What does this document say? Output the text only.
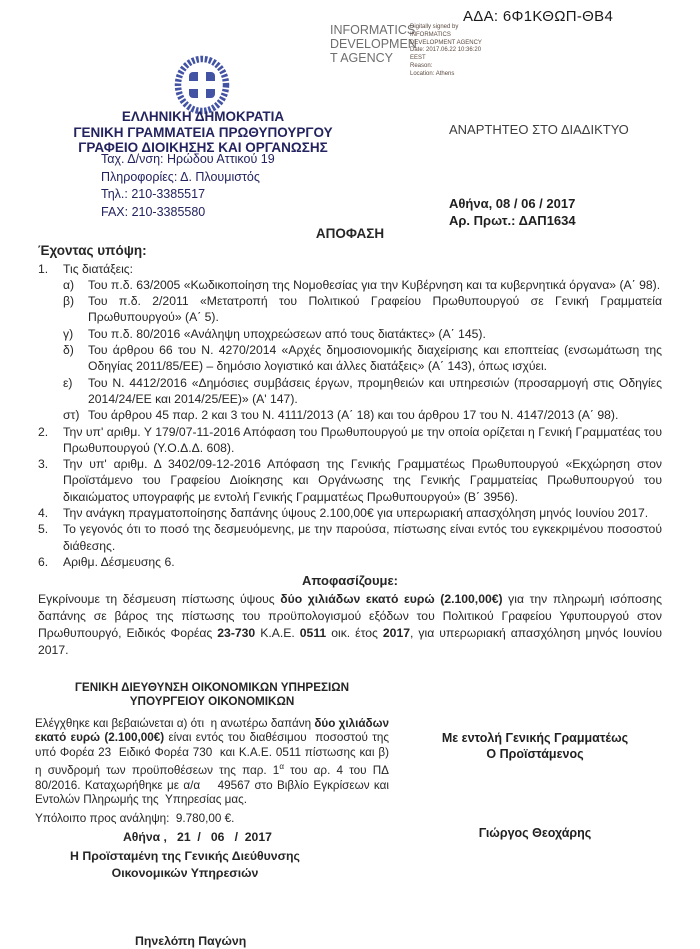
ΑΔΑ: 6Φ1ΚΘΩΠ-ΘΒ4
INFORMATICS
DEVELOPMEN
T AGENCY
Digitally signed by
INFORMATICS
DEVELOPMENT AGENCY
Date: 2017.06.22 10:36:20
EEST
Reason:
Location: Athens
ΕΛΛΗΝΙΚΗ ΔΗΜΟΚΡΑΤΙΑ
ΓΕΝΙΚΗ ΓΡΑΜΜΑΤΕΙΑ ΠΡΩΘΥΠΟΥΡΓΟΥ
ΓΡΑΦΕΙΟ ΔΙΟΙΚΗΣΗΣ ΚΑΙ ΟΡΓΑΝΩΣΗΣ
Ταχ. Δ/νση: Ηρώδου Αττικού 19
Πληροφορίες: Δ. Πλουμιστός
Τηλ.: 210-3385517
FAX: 210-3385580
ΑΝΑΡΤΗΤΕΟ ΣΤΟ ΔΙΑΔΙΚΤΥΟ
Αθήνα, 08 / 06 / 2017
Αρ. Πρωτ.: ΔΑΠ1634
ΑΠΟΦΑΣΗ
Έχοντας υπόψη:
1.	Τις διατάξεις:
α)	Του π.δ. 63/2005 «Κωδικοποίηση της Νομοθεσίας για την Κυβέρνηση και τα κυβερνητικά όργανα» (Α΄ 98).
β)	Του π.δ. 2/2011 «Μετατροπή του Πολιτικού Γραφείου Πρωθυπουργού σε Γενική Γραμματεία Πρωθυπουργού» (Α΄ 5).
γ)	Του π.δ. 80/2016 «Ανάληψη υποχρεώσεων από τους διατάκτες» (Α΄ 145).
δ)	Του άρθρου 66 του Ν. 4270/2014 «Αρχές δημοσιονομικής διαχείρισης και εποπτείας (ενσωμάτωση της Οδηγίας 2011/85/ΕΕ) – δημόσιο λογιστικό και άλλες διατάξεις» (Α΄ 143), όπως ισχύει.
ε)	Του Ν. 4412/2016 «Δημόσιες συμβάσεις έργων, προμηθειών και υπηρεσιών (προσαρμογή στις Οδηγίες 2014/24/ΕΕ και 2014/25/ΕΕ)» (Α' 147).
στ) Του άρθρου 45 παρ. 2 και 3 του Ν. 4111/2013 (Α΄ 18) και του άρθρου 17 του Ν. 4147/2013 (Α΄ 98).
2.	Την υπ' αριθμ. Υ 179/07-11-2016 Απόφαση του Πρωθυπουργού με την οποία ορίζεται η Γενική Γραμματέας του Πρωθυπουργού (Υ.Ο.Δ.Δ. 608).
3.	Την υπ' αριθμ. Δ 3402/09-12-2016 Απόφαση της Γενικής Γραμματέως Πρωθυπουργού «Εκχώρηση στον Προϊστάμενο του Γραφείου Διοίκησης και Οργάνωσης της Γενικής Γραμματείας Πρωθυπουργού του δικαιώματος υπογραφής με εντολή Γενικής Γραμματέως Πρωθυπουργού» (Β΄ 3956).
4.	Την ανάγκη πραγματοποίησης δαπάνης ύψους 2.100,00€ για υπερωριακή απασχόληση μηνός Ιουνίου 2017.
5.	Το γεγονός ότι το ποσό της δεσμευόμενης, με την παρούσα, πίστωσης είναι εντός του εγκεκριμένου ποσοστού διάθεσης.
6.	Αριθμ. Δέσμευσης 6.
Αποφασίζουμε:
Εγκρίνουμε τη δέσμευση πίστωσης ύψους δύο χιλιάδων εκατό ευρώ (2.100,00€) για την πληρωμή ισόποσης δαπάνης σε βάρος της πίστωσης του προϋπολογισμού εξόδων του Πολιτικού Γραφείου Υφυπουργού στον Πρωθυπουργό, Ειδικός Φορέας 23-730 Κ.Α.Ε. 0511 οικ. έτος 2017, για υπερωριακή απασχόληση μηνός Ιουνίου 2017.
ΓΕΝΙΚΗ ΔΙΕΥΘΥΝΣΗ ΟΙΚΟΝΟΜΙΚΩΝ ΥΠΗΡΕΣΙΩΝ
ΥΠΟΥΡΓΕΙΟΥ ΟΙΚΟΝΟΜΙΚΩΝ
Ελέγχθηκε και βεβαιώνεται α) ότι  η ανωτέρω δαπάνη δύο χιλιάδων εκατό ευρώ (2.100,00€) είναι εντός του διαθέσιμου  ποσοστού της υπό Φορέα 23  Ειδικό Φορέα 730  και Κ.Α.Ε. 0511 πίστωσης και β) η συνδρομή των προϋποθέσεων της παρ. $1^\alpha$ του αρ. 4 του ΠΔ 80/2016. Καταχωρήθηκε με α/α    49567 στο Βιβλίο Εγκρίσεων και Εντολών Πληρωμής της  Υπηρεσίας μας.
Υπόλοιπο προς ανάληψη:  9.780,00 €.
Αθήνα ,   21  /   06   /  2017
Η Προϊσταμένη της Γενικής Διεύθυνσης
Οικονομικών Υπηρεσιών
Πηνελόπη Παγώνη
Με εντολή Γενικής Γραμματέως
Ο Προϊστάμενος
Γιώργος Θεοχάρης
